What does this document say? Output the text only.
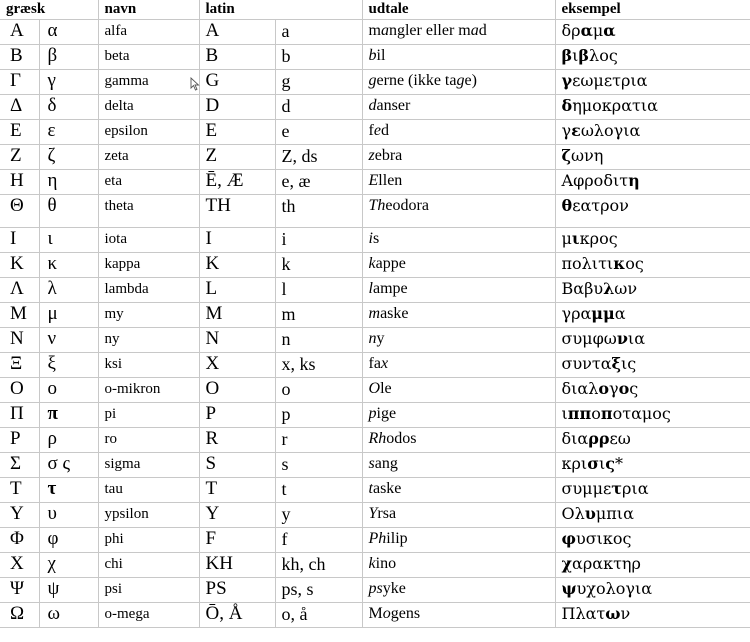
græsk		navn	latin		udtale	eksempel
Α	α	alfa	A	a	mangler eller mad	δραμα
Β	β	beta	B	b	bil	βιβλος
Γ	γ	gamma	G	g	gerne (ikke tage)	γεωμετρια
Δ	δ	delta	D	d	danser	δημοκρατια
Ε	ε	epsilon	E	e	fed	γεωλογια
Ζ	ζ	zeta	Z	Z, ds	zebra	ζωνη
Η	η	eta	Ē, Æ	e, æ	Ellen	Αφροδιτη
Θ	θ	theta	TH	th	Theodora	θεατρον
Ι	ι	iota	I	i	is	μικρος
Κ	κ	kappa	K	k	kappe	πολιτικος
Λ	λ	lambda	L	l	lampe	Βαβυλων
Μ	μ	my	M	m	maske	γραμμα
Ν	ν	ny	N	n	ny	συμφωνια
Ξ	ξ	ksi	X	x, ks	fax	συνταξις
Ο	ο	o-mikron	O	o	Ole	διαλογος
Π	π	pi	P	p	pige	ιπποποταμος
Ρ	ρ	ro	R	r	Rhodos	διαρρεω
Σ	σ ς	sigma	S	s	sang	κρισις*
Τ	τ	tau	T	t	taske	συμμετρια
Υ	υ	ypsilon	Y	y	Yrsa	Ολυμπια
Φ	φ	phi	F	f	Philip	φυσικος
Χ	χ	chi	KH	kh, ch	kino	χαρακτηρ
Ψ	ψ	psi	PS	ps, s	psyke	ψυχολογια
Ω	ω	o-mega	Ō, Å	o, å	Mogens	Πλατων
